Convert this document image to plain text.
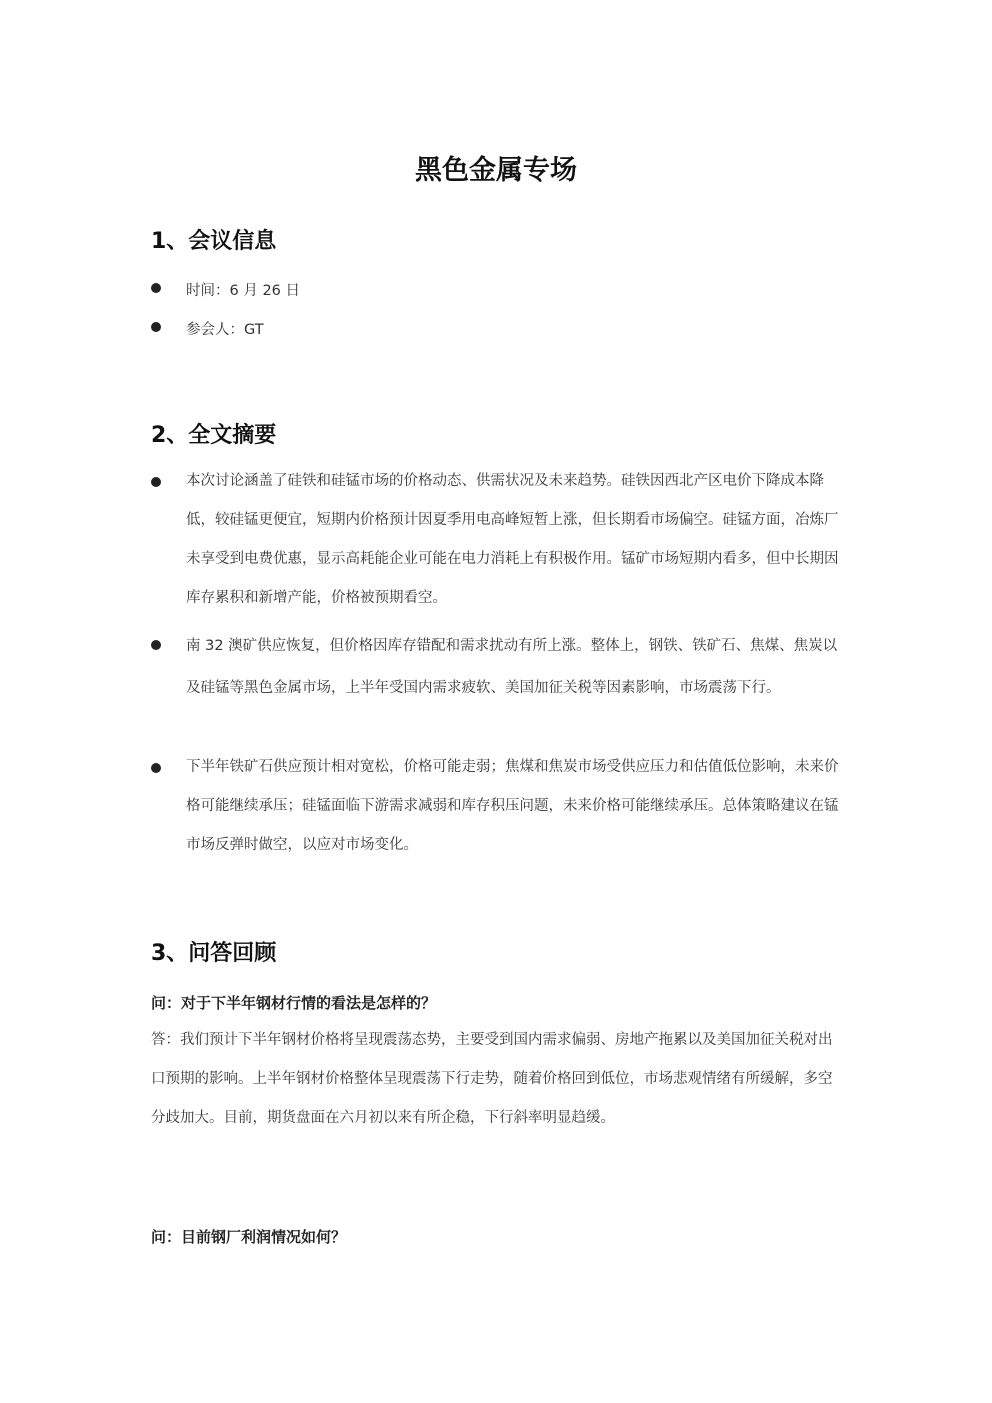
黑色金属专场
1、会议信息

时间：6 月 26 日

参会人：GT

2、全文摘要

本次讨论涵盖了硅铁和硅锰市场的价格动态、供需状况及未来趋势。硅铁因西北产区电价下降成本降低，较硅锰更便宜，短期内价格预计因夏季用电高峰短暂上涨，但长期看市场偏空。硅锰方面，冶炼厂未享受到电费优惠，显示高耗能企业可能在电力消耗上有积极作用。锰矿市场短期内看多，但中长期因库存累积和新增产能，价格被预期看空。

南 32 澳矿供应恢复，但价格因库存错配和需求扰动有所上涨。整体上，钢铁、铁矿石、焦煤、焦炭以及硅锰等黑色金属市场，上半年受国内需求疲软、美国加征关税等因素影响，市场震荡下行。

下半年铁矿石供应预计相对宽松，价格可能走弱；焦煤和焦炭市场受供应压力和估值低位影响，未来价格可能继续承压；硅锰面临下游需求减弱和库存积压问题，未来价格可能继续承压。总体策略建议在锰市场反弹时做空，以应对市场变化。

3、问答回顾

问：对于下半年钢材行情的看法是怎样的？

答：我们预计下半年钢材价格将呈现震荡态势，主要受到国内需求偏弱、房地产拖累以及美国加征关税对出口预期的影响。上半年钢材价格整体呈现震荡下行走势，随着价格回到低位，市场悲观情绪有所缓解，多空分歧加大。目前，期货盘面在六月初以来有所企稳，下行斜率明显趋缓。

问：目前钢厂利润情况如何？
